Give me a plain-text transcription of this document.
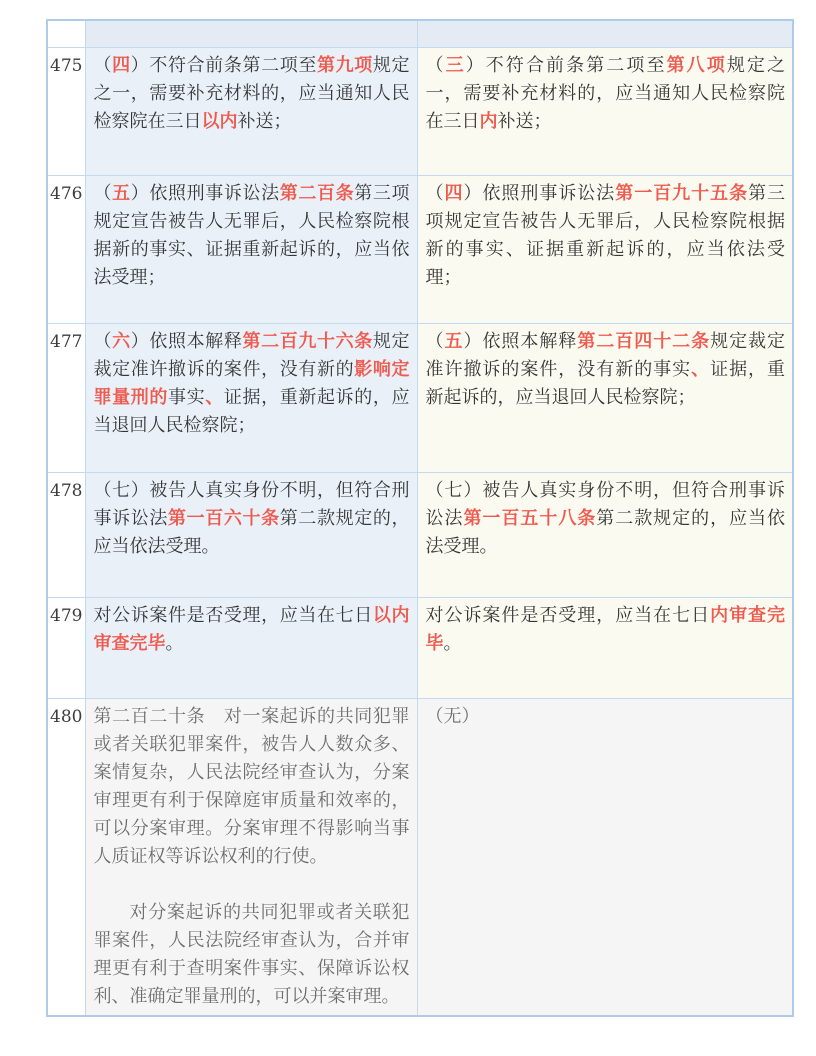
475	（四）不符合前条第二项至第九项规定之一，需要补充材料的，应当通知人民检察院在三日以内补送；	（三）不符合前条第二项至第八项规定之一，需要补充材料的，应当通知人民检察院在三日内补送；

476	（五）依照刑事诉讼法第二百条第三项规定宣告被告人无罪后，人民检察院根据新的事实、证据重新起诉的，应当依法受理；	（四）依照刑事诉讼法第一百九十五条第三项规定宣告被告人无罪后，人民检察院根据新的事实、证据重新起诉的，应当依法受理；

477	（六）依照本解释第二百九十六条规定裁定准许撤诉的案件，没有新的影响定罪量刑的事实、证据，重新起诉的，应当退回人民检察院；	（五）依照本解释第二百四十二条规定裁定准许撤诉的案件，没有新的事实、证据，重新起诉的，应当退回人民检察院；

478	（七）被告人真实身份不明，但符合刑事诉讼法第一百六十条第二款规定的，应当依法受理。	（七）被告人真实身份不明，但符合刑事诉讼法第一百五十八条第二款规定的，应当依法受理。

479	对公诉案件是否受理，应当在七日以内审查完毕。	对公诉案件是否受理，应当在七日内审查完毕。

480	第二百二十条　对一案起诉的共同犯罪或者关联犯罪案件，被告人人数众多、案情复杂，人民法院经审查认为，分案审理更有利于保障庭审质量和效率的，可以分案审理。分案审理不得影响当事人质证权等诉讼权利的行使。
对分案起诉的共同犯罪或者关联犯罪案件，人民法院经审查认为，合并审理更有利于查明案件事实、保障诉讼权利、准确定罪量刑的，可以并案审理。	（无）
